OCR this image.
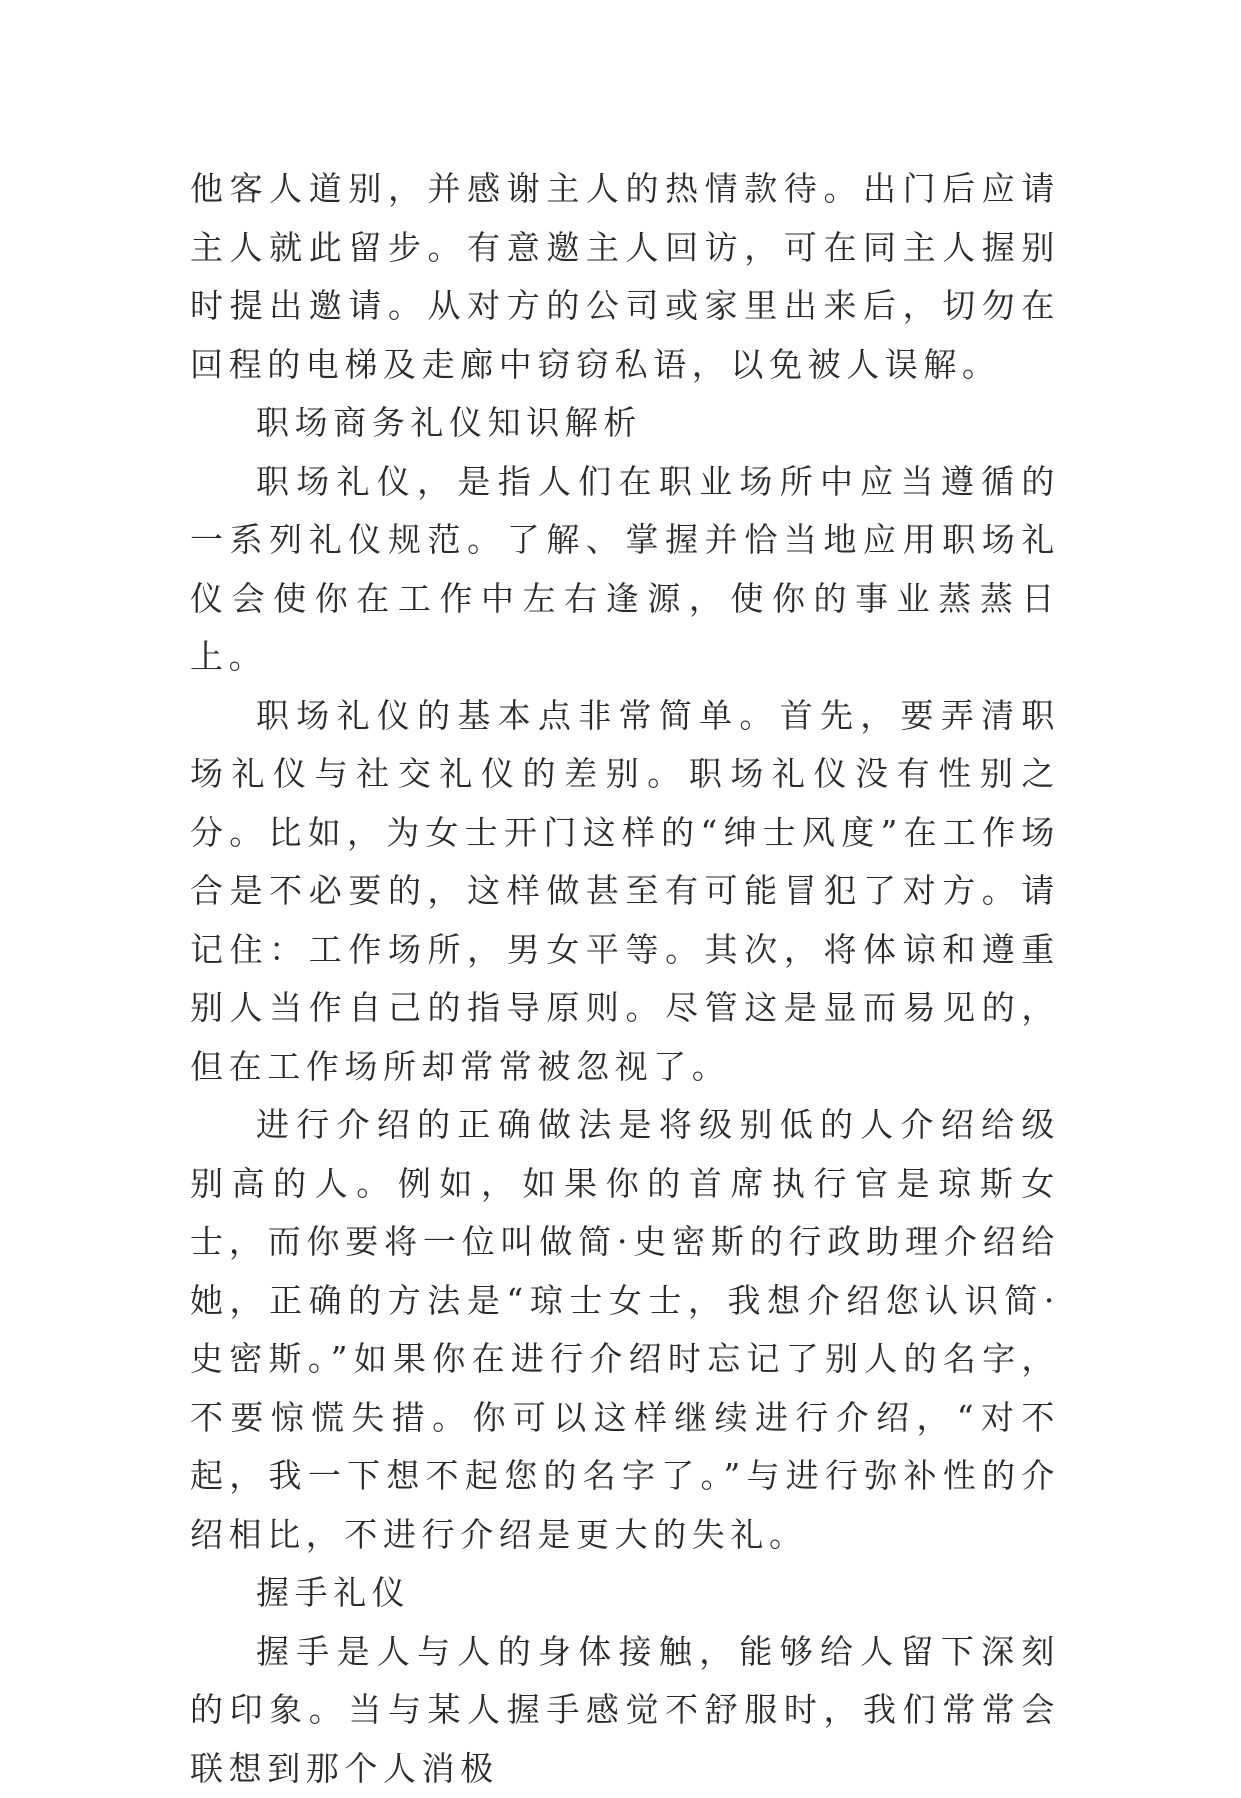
他客人道别，并感谢主人的热情款待。出门后应请主人就此留步。有意邀主人回访，可在同主人握别时提出邀请。从对方的公司或家里出来后，切勿在回程的电梯及走廊中窃窃私语，以免被人误解。

职场商务礼仪知识解析

职场礼仪，是指人们在职业场所中应当遵循的一系列礼仪规范。了解、掌握并恰当地应用职场礼仪会使你在工作中左右逢源，使你的事业蒸蒸日上。

职场礼仪的基本点非常简单。首先，要弄清职场礼仪与社交礼仪的差别。职场礼仪没有性别之分。比如，为女士开门这样的“绅士风度”在工作场合是不必要的，这样做甚至有可能冒犯了对方。请记住：工作场所，男女平等。其次，将体谅和遵重别人当作自己的指导原则。尽管这是显而易见的，但在工作场所却常常被忽视了。

进行介绍的正确做法是将级别低的人介绍给级别高的人。例如，如果你的首席执行官是琼斯女士，而你要将一位叫做简·史密斯的行政助理介绍给她，正确的方法是“琼士女士，我想介绍您认识简·史密斯。”如果你在进行介绍时忘记了别人的名字，不要惊慌失措。你可以这样继续进行介绍，“对不起，我一下想不起您的名字了。”与进行弥补性的介绍相比，不进行介绍是更大的失礼。

握手礼仪

握手是人与人的身体接触，能够给人留下深刻的印象。当与某人握手感觉不舒服时，我们常常会联想到那个人消极
